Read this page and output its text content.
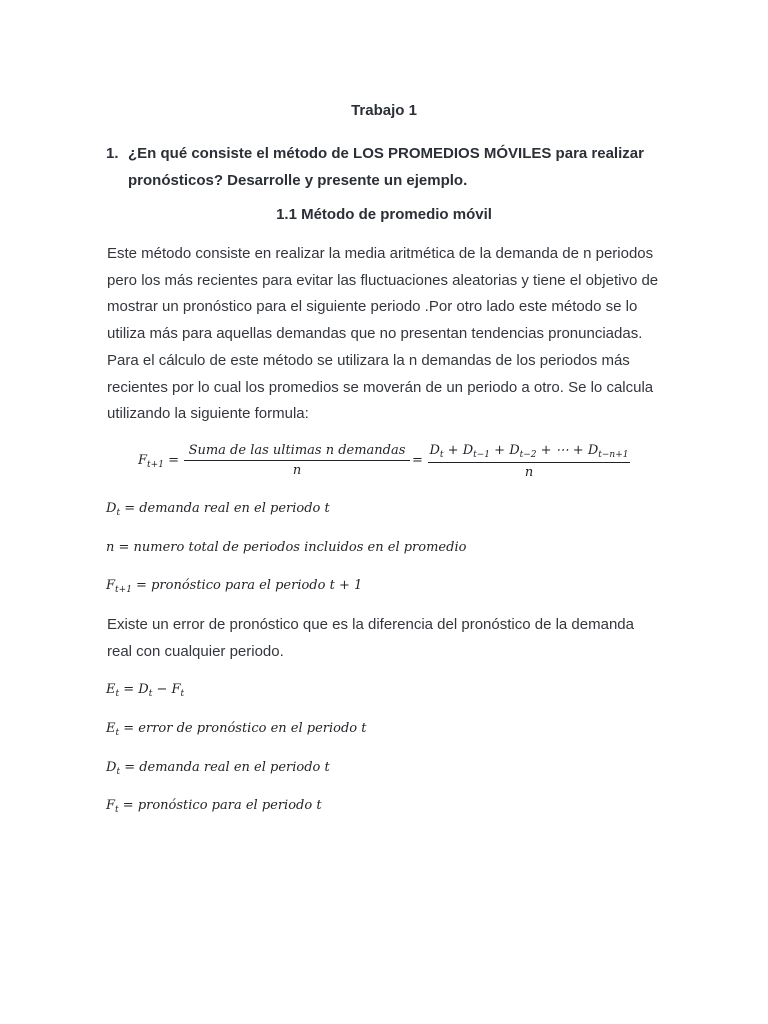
Trabajo 1
1. ¿En qué consiste el método de LOS PROMEDIOS MÓVILES para realizar
pronósticos? Desarrolle y presente un ejemplo.
1.1 Método de promedio móvil
Este método consiste en realizar la media aritmética de la demanda de n periodos
pero los más recientes para evitar las fluctuaciones aleatorias y tiene el objetivo de
mostrar un pronóstico para el siguiente periodo .Por otro lado este método se lo
utiliza más para aquellas demandas que no presentan tendencias pronunciadas.
Para el cálculo de este método se utilizara la n demandas de los periodos más
recientes por lo cual los promedios se moverán de un periodo a otro. Se lo calcula
utilizando la siguiente formula:
$F_{t+1}$ =
Suma de las ultimas n demandas
n
=
$D_t + D_{t-1} + D_{t-2}$ + ⋯ + $D_{t-n+1}$
n
$D_t$ = demanda real en el periodo t
n = numero total de periodos incluidos en el promedio
$F_{t+1}$ = pronóstico para el periodo t + 1
Existe un error de pronóstico que es la diferencia del pronóstico de la demanda
real con cualquier periodo.
$E_t = D_t - F_t$
$E_t$ = error de pronóstico en el periodo t
$D_t$ = demanda real en el periodo t
$F_t$ = pronóstico para el periodo t
